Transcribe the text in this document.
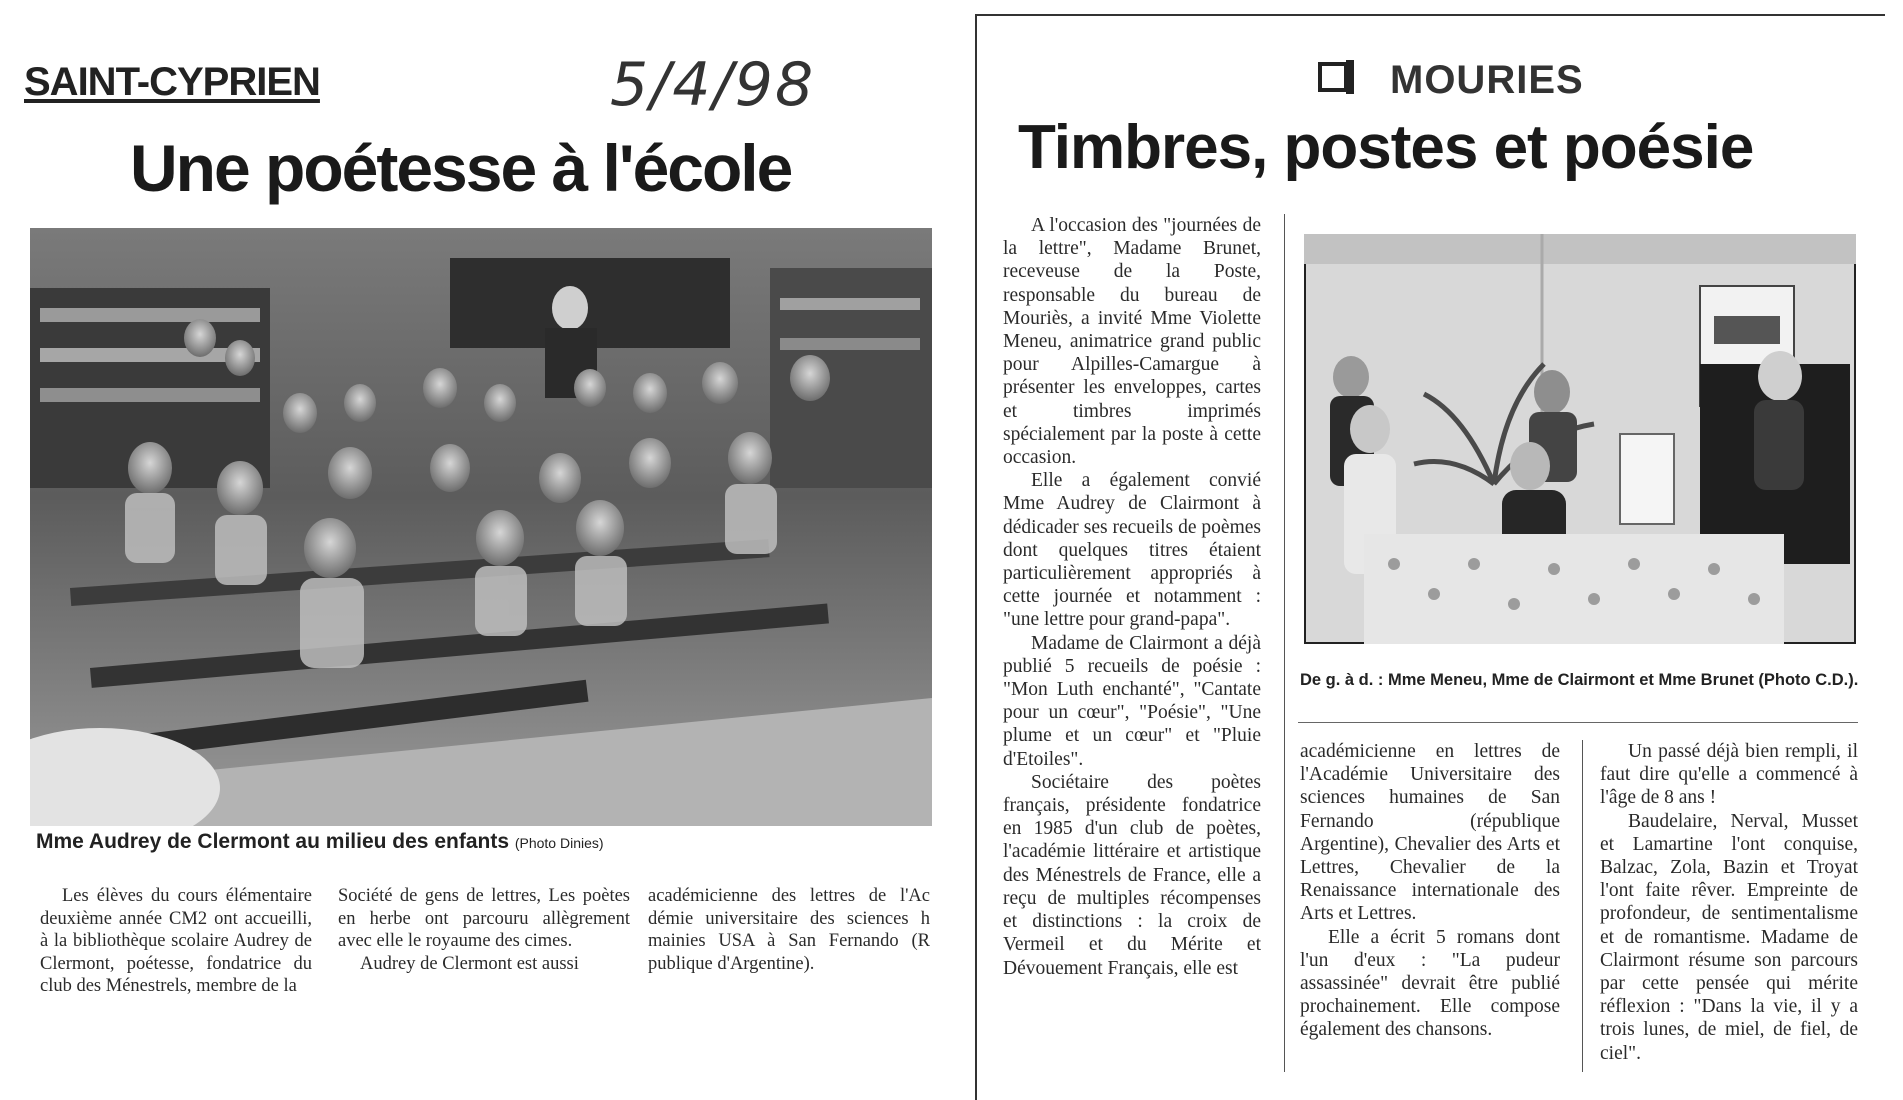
SAINT-CYPRIEN	5/4/98
Une poétesse à l'école
Mme Audrey de Clermont au milieu des enfants (Photo Dinies)

Les élèves du cours élémentaire deuxième année CM2 ont accueilli, à la bibliothèque scolaire Audrey de Clermont, poétesse, fondatrice du club des Ménestrels, membre de la

Société de gens de lettres, Les poètes en herbe ont parcouru allègrement avec elle le royaume des cimes.

Audrey de Clermont est aussi

académicienne des lettres de l'Ac démie universitaire des sciences h mainies USA à San Fernando (R publique d'Argentine).

MOURIES
Timbres, postes et poésie

A l'occasion des "journées de la lettre", Madame Brunet, receveuse de la Poste, responsable du bureau de Mouriès, a invité Mme Violette Meneu, animatrice grand public pour Alpilles-Camargue à présenter les enveloppes, cartes et timbres imprimés spécialement par la poste à cette occasion.

Elle a également convié Mme Audrey de Clairmont à dédicader ses recueils de poèmes dont quelques titres étaient particulièrement appropriés à cette journée et notamment : "une lettre pour grand-papa".

Madame de Clairmont a déjà publié 5 recueils de poésie : "Mon Luth enchanté", "Cantate pour un cœur", "Poésie", "Une plume et un cœur" et "Pluie d'Etoiles".

Sociétaire des poètes français, présidente fondatrice en 1985 d'un club de poètes, l'académie littéraire et artistique des Ménestrels de France, elle a reçu de multiples récompenses et distinctions : la croix de Vermeil et du Mérite et Dévouement Français, elle est

De g. à d. : Mme Meneu, Mme de Clairmont et Mme Brunet (Photo C.D.).

académicienne en lettres de l'Académie Universitaire des sciences humaines de San Fernando (république Argentine), Chevalier des Arts et Lettres, Chevalier de la Renaissance internationale des Arts et Lettres.

Elle a écrit 5 romans dont l'un d'eux : "La pudeur assassinée" devrait être publié prochainement. Elle compose également des chansons.

Un passé déjà bien rempli, il faut dire qu'elle a commencé à l'âge de 8 ans !

Baudelaire, Nerval, Musset et Lamartine l'ont conquise, Balzac, Zola, Bazin et Troyat l'ont faite rêver. Empreinte de profondeur, de sentimentalisme et de romantisme. Madame de Clairmont résume son parcours par cette pensée qui mérite réflexion : "Dans la vie, il y a trois lunes, de miel, de fiel, de ciel".
